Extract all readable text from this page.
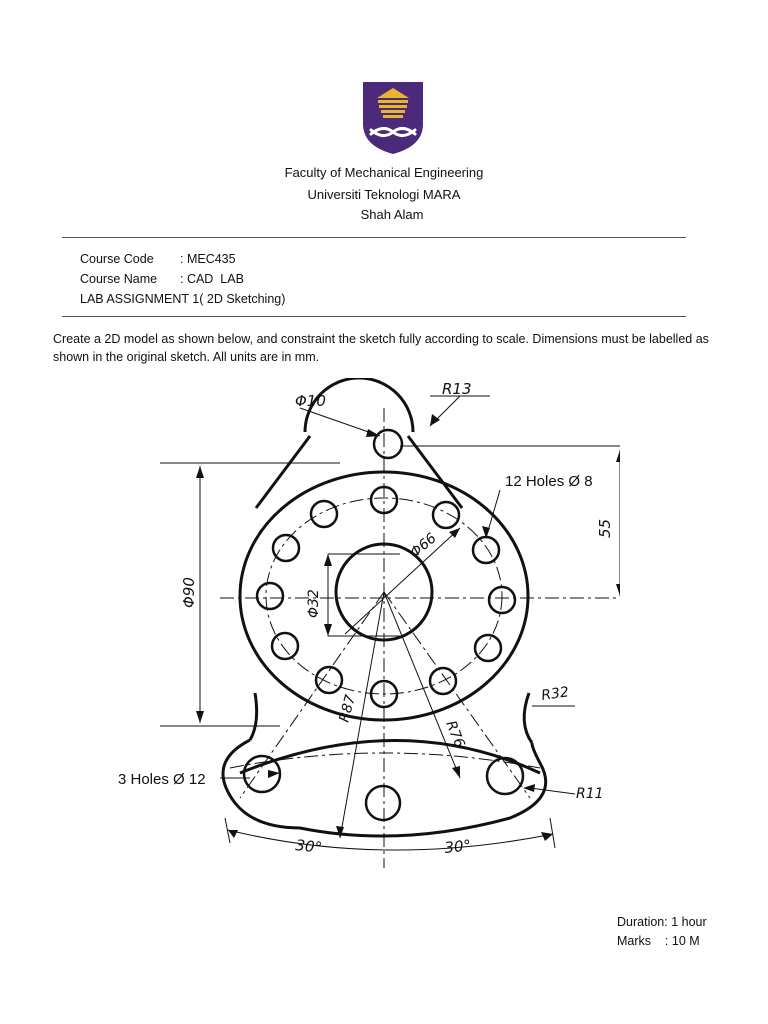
Faculty of Mechanical Engineering
Universiti Teknologi MARA
Shah Alam
Course Code : MEC435
Course Name : CAD  LAB
LAB ASSIGNMENT 1( 2D Sketching)
Create a 2D model as shown below, and constraint the sketch fully according to scale. Dimensions must be labelled as shown in the original sketch. All units are in mm.
Φ10
R13
12 Holes Ø 8
55
Φ66
Φ90	Φ32
R87
R76
R32
3 Holes Ø 12
R11
30°	30°
Duration: 1 hour
Marks    : 10 M
